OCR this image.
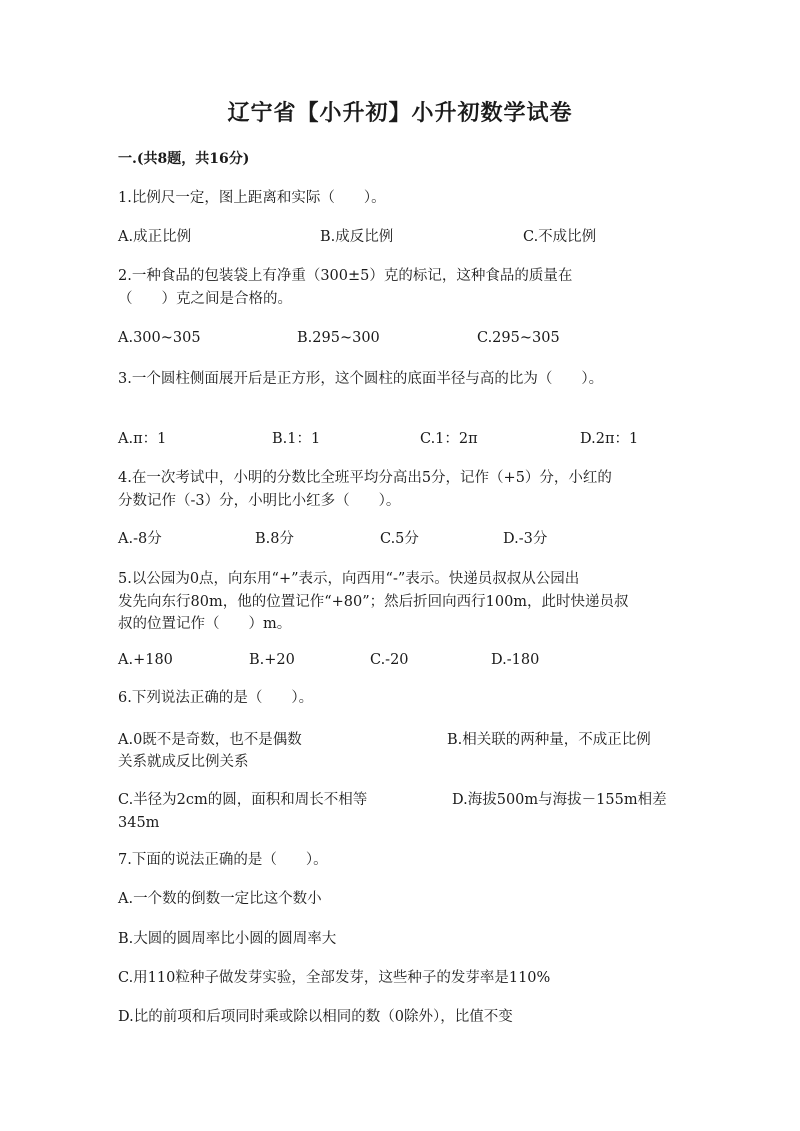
辽宁省【小升初】小升初数学试卷
一.(共8题，共16分)
1.比例尺一定，图上距离和实际（　　）。
A.成正比例	B.成反比例	C.不成比例
2.一种食品的包装袋上有净重（300±5）克的标记，这种食品的质量在
（　　）克之间是合格的。
A.300~305	B.295~300	C.295~305
3.一个圆柱侧面展开后是正方形，这个圆柱的底面半径与高的比为（　　）。
A.π：1	B.1：1	C.1：2π	D.2π：1
4.在一次考试中，小明的分数比全班平均分高出5分，记作（+5）分，小红的
分数记作（-3）分，小明比小红多（　　）。
A.-8分	B.8分	C.5分	D.-3分
5.以公园为0点，向东用“+”表示，向西用“-”表示。快递员叔叔从公园出
发先向东行80m，他的位置记作“+80”；然后折回向西行100m，此时快递员叔
叔的位置记作（　　）m。
A.+180	B.+20	C.-20	D.-180
6.下列说法正确的是（　　）。
A.0既不是奇数，也不是偶数	B.相关联的两种量，不成正比例
关系就成反比例关系
C.半径为2cm的圆，面积和周长不相等	D.海拔500m与海拔－155m相差
345m
7.下面的说法正确的是（　　）。
A.一个数的倒数一定比这个数小
B.大圆的圆周率比小圆的圆周率大
C.用110粒种子做发芽实验，全部发芽，这些种子的发芽率是110%
D.比的前项和后项同时乘或除以相同的数（0除外），比值不变
